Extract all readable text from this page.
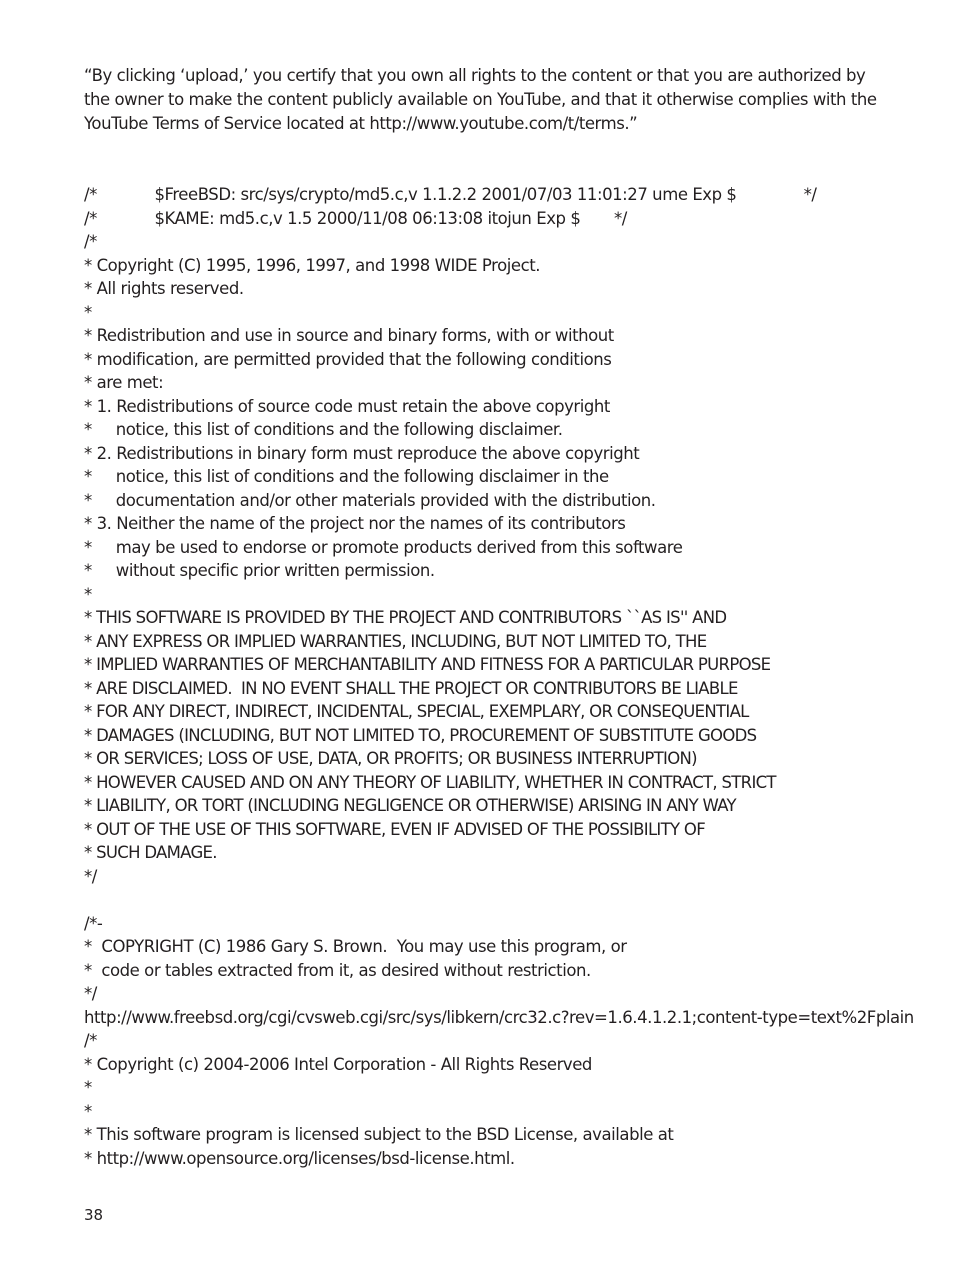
“By clicking ‘upload,’ you certify that you own all rights to the content or that you are authorized by

the owner to make the content publicly available on YouTube, and that it otherwise complies with the

YouTube Terms of Service located at http://www.youtube.com/t/terms.”

/*            $FreeBSD: src/sys/crypto/md5.c,v 1.1.2.2 2001/07/03 11:01:27 ume Exp $              */
/*            $KAME: md5.c,v 1.5 2000/11/08 06:13:08 itojun Exp $       */
/*
* Copyright (C) 1995, 1996, 1997, and 1998 WIDE Project.
* All rights reserved.
*
* Redistribution and use in source and binary forms, with or without
* modification, are permitted provided that the following conditions
* are met:
* 1. Redistributions of source code must retain the above copyright
*     notice, this list of conditions and the following disclaimer.
* 2. Redistributions in binary form must reproduce the above copyright
*     notice, this list of conditions and the following disclaimer in the
*     documentation and/or other materials provided with the distribution.
* 3. Neither the name of the project nor the names of its contributors
*     may be used to endorse or promote products derived from this software
*     without specific prior written permission.
*
* THIS SOFTWARE IS PROVIDED BY THE PROJECT AND CONTRIBUTORS ``AS IS'' AND
* ANY EXPRESS OR IMPLIED WARRANTIES, INCLUDING, BUT NOT LIMITED TO, THE
* IMPLIED WARRANTIES OF MERCHANTABILITY AND FITNESS FOR A PARTICULAR PURPOSE
* ARE DISCLAIMED.  IN NO EVENT SHALL THE PROJECT OR CONTRIBUTORS BE LIABLE
* FOR ANY DIRECT, INDIRECT, INCIDENTAL, SPECIAL, EXEMPLARY, OR CONSEQUENTIAL
* DAMAGES (INCLUDING, BUT NOT LIMITED TO, PROCUREMENT OF SUBSTITUTE GOODS
* OR SERVICES; LOSS OF USE, DATA, OR PROFITS; OR BUSINESS INTERRUPTION)
* HOWEVER CAUSED AND ON ANY THEORY OF LIABILITY, WHETHER IN CONTRACT, STRICT
* LIABILITY, OR TORT (INCLUDING NEGLIGENCE OR OTHERWISE) ARISING IN ANY WAY
* OUT OF THE USE OF THIS SOFTWARE, EVEN IF ADVISED OF THE POSSIBILITY OF
* SUCH DAMAGE.
*/
/*-
*  COPYRIGHT (C) 1986 Gary S. Brown.  You may use this program, or
*  code or tables extracted from it, as desired without restriction.
*/
http://www.freebsd.org/cgi/cvsweb.cgi/src/sys/libkern/crc32.c?rev=1.6.4.1.2.1;content-type=text%2Fplain
/*
* Copyright (c) 2004-2006 Intel Corporation - All Rights Reserved
*
*
* This software program is licensed subject to the BSD License, available at
* http://www.opensource.org/licenses/bsd-license.html.
38
